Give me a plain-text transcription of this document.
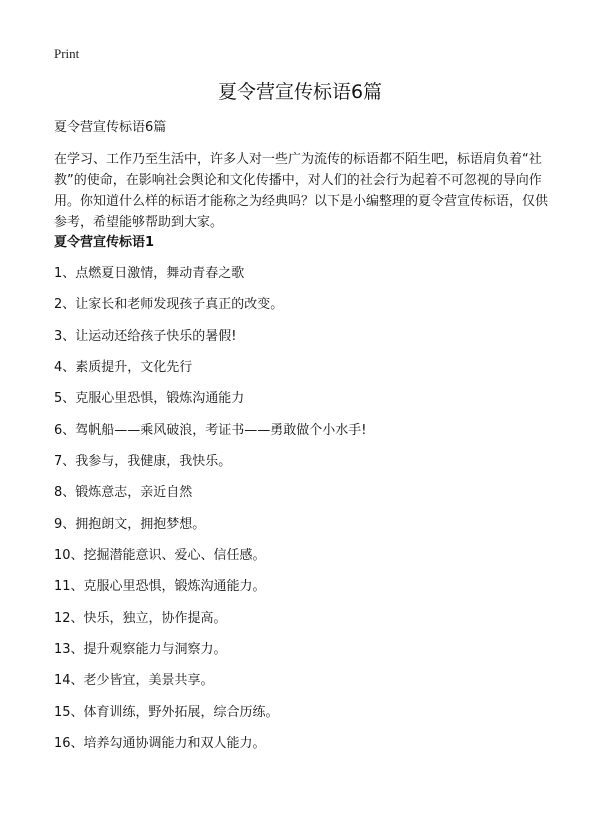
Print
夏令营宣传标语6篇
夏令营宣传标语6篇

在学习、工作乃至生活中，许多人对一些广为流传的标语都不陌生吧，标语肩负着“社教”的使命，在影响社会舆论和文化传播中，对人们的社会行为起着不可忽视的导向作用。你知道什么样的标语才能称之为经典吗？以下是小编整理的夏令营宣传标语，仅供参考，希望能够帮助到大家。

夏令营宣传标语1
1、点燃夏日激情，舞动青春之歌
2、让家长和老师发现孩子真正的改变。
3、让运动还给孩子快乐的暑假!
4、素质提升，文化先行
5、克服心里恐惧，锻炼沟通能力
6、驾帆船——乘风破浪，考证书——勇敢做个小水手!
7、我参与，我健康，我快乐。
8、锻炼意志，亲近自然
9、拥抱朗文，拥抱梦想。
10、挖掘潜能意识、爱心、信任感。
11、克服心里恐惧，锻炼沟通能力。
12、快乐，独立，协作提高。
13、提升观察能力与洞察力。
14、老少皆宜，美景共享。
15、体育训练，野外拓展，综合历练。
16、培养勾通协调能力和双人能力。
